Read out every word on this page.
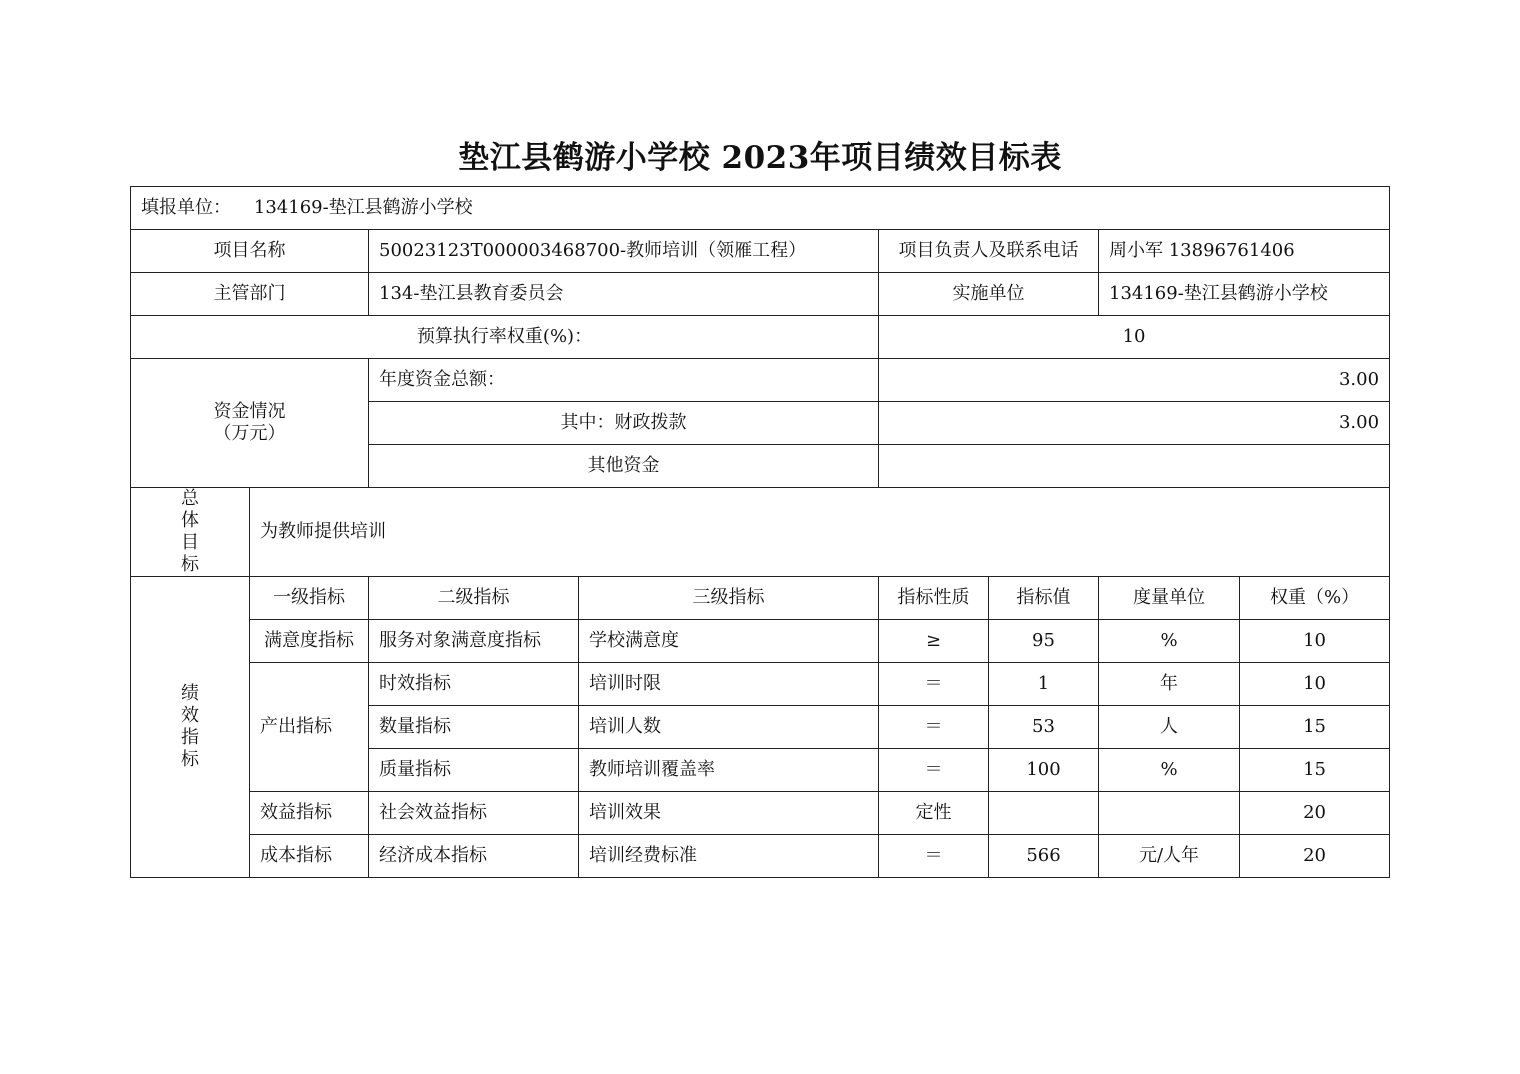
垫江县鹤游小学校 2023年项目绩效目标表
填报单位： 134169-垫江县鹤游小学校							
项目名称		50023123T000003468700-教师培训（领雁工程）		项目负责人及联系电话		周小军 13896761406	
主管部门		134-垫江县教育委员会		实施单位		134169-垫江县鹤游小学校	
预算执行率权重(%)：				10			

资金情况
（万元）		年度资金总额：		3.00			
		其中：财政拨款		3.00			
		其他资金					

总
体
目
标	为教师提供培训						

绩
效
指
标	一级指标	二级指标	三级指标	指标性质	指标值	度量单位	权重（%）
	满意度指标	服务对象满意度指标	学校满意度	≥	95	%	10
	产出指标	时效指标	培训时限	＝	1	年	10
		数量指标	培训人数	＝	53	人	15
		质量指标	教师培训覆盖率	＝	100	%	15
	效益指标	社会效益指标	培训效果	定性			20
	成本指标	经济成本指标	培训经费标准	＝	566	元/人年	20
